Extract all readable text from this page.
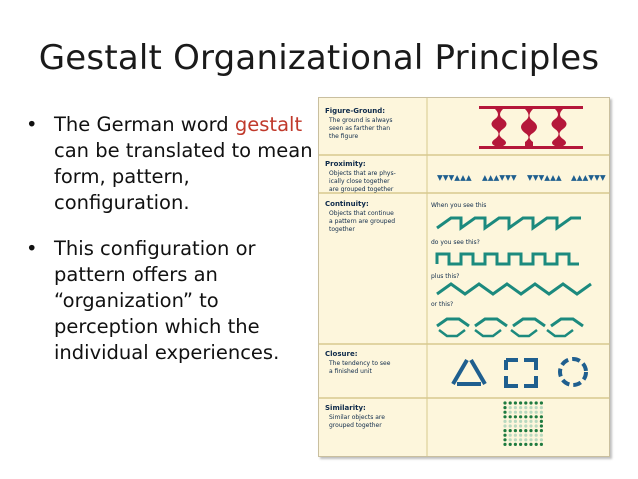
Gestalt Organizational Principles
• The German word gestalt can be translated to mean form, pattern, configuration.
• This configuration or pattern offers an “organization” to perception which the individual experiences.
Figure-Ground:
The ground is always
seen as farther than
the figure
Proximity:
Objects that are phys-
ically close together
are grouped together
Continuity:
Objects that continue
a pattern are grouped
together
Closure:
The tendency to see
a finished unit
Similarity:
Similar objects are
grouped together
When you see this
do you see this?
plus this?
or this?
▼▼▼▲▲▲ ▲▲▲▼▼▼ ▼▼▼▲▲▲ ▲▲▲▼▼▼
